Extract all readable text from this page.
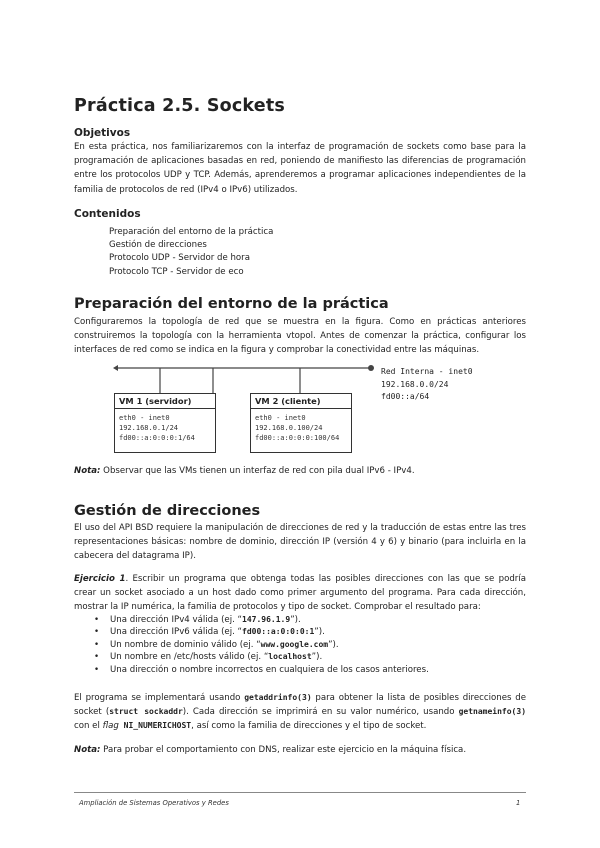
Práctica 2.5. Sockets
Objetivos
En esta práctica, nos familiarizaremos con la interfaz de programación de sockets como base para la programación de aplicaciones basadas en red, poniendo de manifiesto las diferencias de programación entre los protocolos UDP y TCP. Además, aprenderemos a programar aplicaciones independientes de la familia de protocolos de red (IPv4 o IPv6) utilizados.
Contenidos
Preparación del entorno de la práctica
Gestión de direcciones
Protocolo UDP - Servidor de hora
Protocolo TCP - Servidor de eco
Preparación del entorno de la práctica
Configuraremos la topología de red que se muestra en la figura. Como en prácticas anteriores construiremos la topología con la herramienta vtopol. Antes de comenzar la práctica, configurar los interfaces de red como se indica en la figura y comprobar la conectividad entre las máquinas.
VM 1 (servidor)
eth0 - inet0
192.168.0.1/24
fd00::a:0:0:0:1/64
VM 2 (cliente)
eth0 - inet0
192.168.0.100/24
fd00::a:0:0:0:100/64
Red Interna - inet0
192.168.0.0/24
fd00::a/64
Nota: Observar que las VMs tienen un interfaz de red con pila dual IPv6 - IPv4.
Gestión de direcciones
El uso del API BSD requiere la manipulación de direcciones de red y la traducción de estas entre las tres representaciones básicas: nombre de dominio, dirección IP (versión 4 y 6) y binario (para incluirla en la cabecera del datagrama IP).
Ejercicio 1. Escribir un programa que obtenga todas las posibles direcciones con las que se podría crear un socket asociado a un host dado como primer argumento del programa. Para cada dirección, mostrar la IP numérica, la familia de protocolos y tipo de socket. Comprobar el resultado para:
• Una dirección IPv4 válida (ej. “147.96.1.9”).
• Una dirección IPv6 válida (ej. “fd00::a:0:0:0:1”).
• Un nombre de dominio válido (ej. “www.google.com”).
• Un nombre en /etc/hosts válido (ej. “localhost”).
• Una dirección o nombre incorrectos en cualquiera de los casos anteriores.
El programa se implementará usando getaddrinfo(3) para obtener la lista de posibles direcciones de socket (struct sockaddr). Cada dirección se imprimirá en su valor numérico, usando getnameinfo(3) con el flag NI_NUMERICHOST, así como la familia de direcciones y el tipo de socket.
Nota: Para probar el comportamiento con DNS, realizar este ejercicio en la máquina física.
Ampliación de Sistemas Operativos y Redes	1
